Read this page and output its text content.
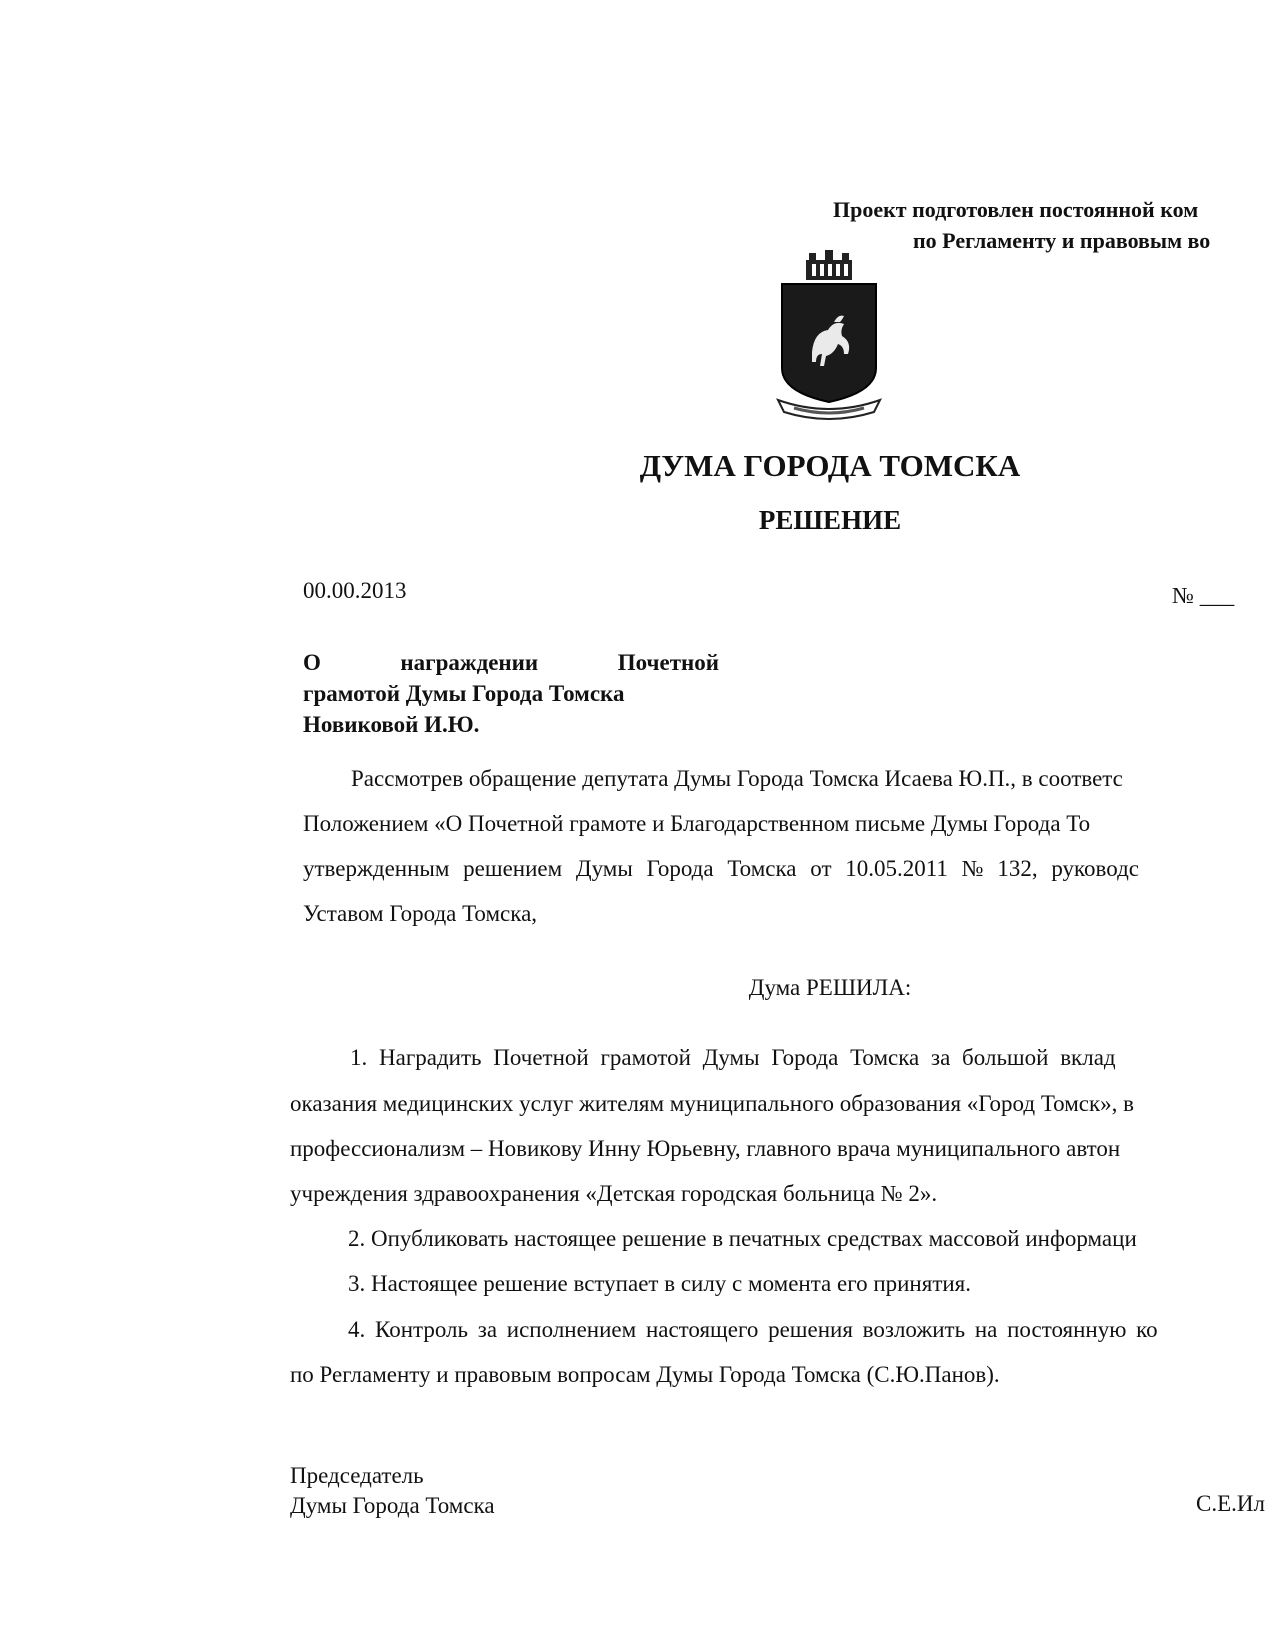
Проект подготовлен постоянной ком
по Регламенту и правовым во
ДУМА ГОРОДА ТОМСКА
РЕШЕНИЕ
00.00.2013	№ ___
О	награждении	Почетной
грамотой Думы Города Томска
Новиковой И.Ю.
Рассмотрев обращение депутата Думы Города Томска Исаева Ю.П., в соответс
Положением «О Почетной грамоте и Благодарственном письме Думы Города То
утвержденным решением Думы Города Томска от 10.05.2011 № 132, руководс
Уставом Города Томска,
Дума РЕШИЛА:
1. Наградить Почетной грамотой Думы Города Томска за большой вклад
оказания медицинских услуг жителям муниципального образования «Город Томск», в
профессионализм – Новикову Инну Юрьевну, главного врача муниципального автон
учреждения здравоохранения «Детская городская больница № 2».
2. Опубликовать настоящее решение в печатных средствах массовой информаци
3. Настоящее решение вступает в силу с момента его принятия.
4. Контроль за исполнением настоящего решения возложить на постоянную ко
по Регламенту и правовым вопросам Думы Города Томска (С.Ю.Панов).
Председатель
Думы Города Томска	С.Е.Ил
